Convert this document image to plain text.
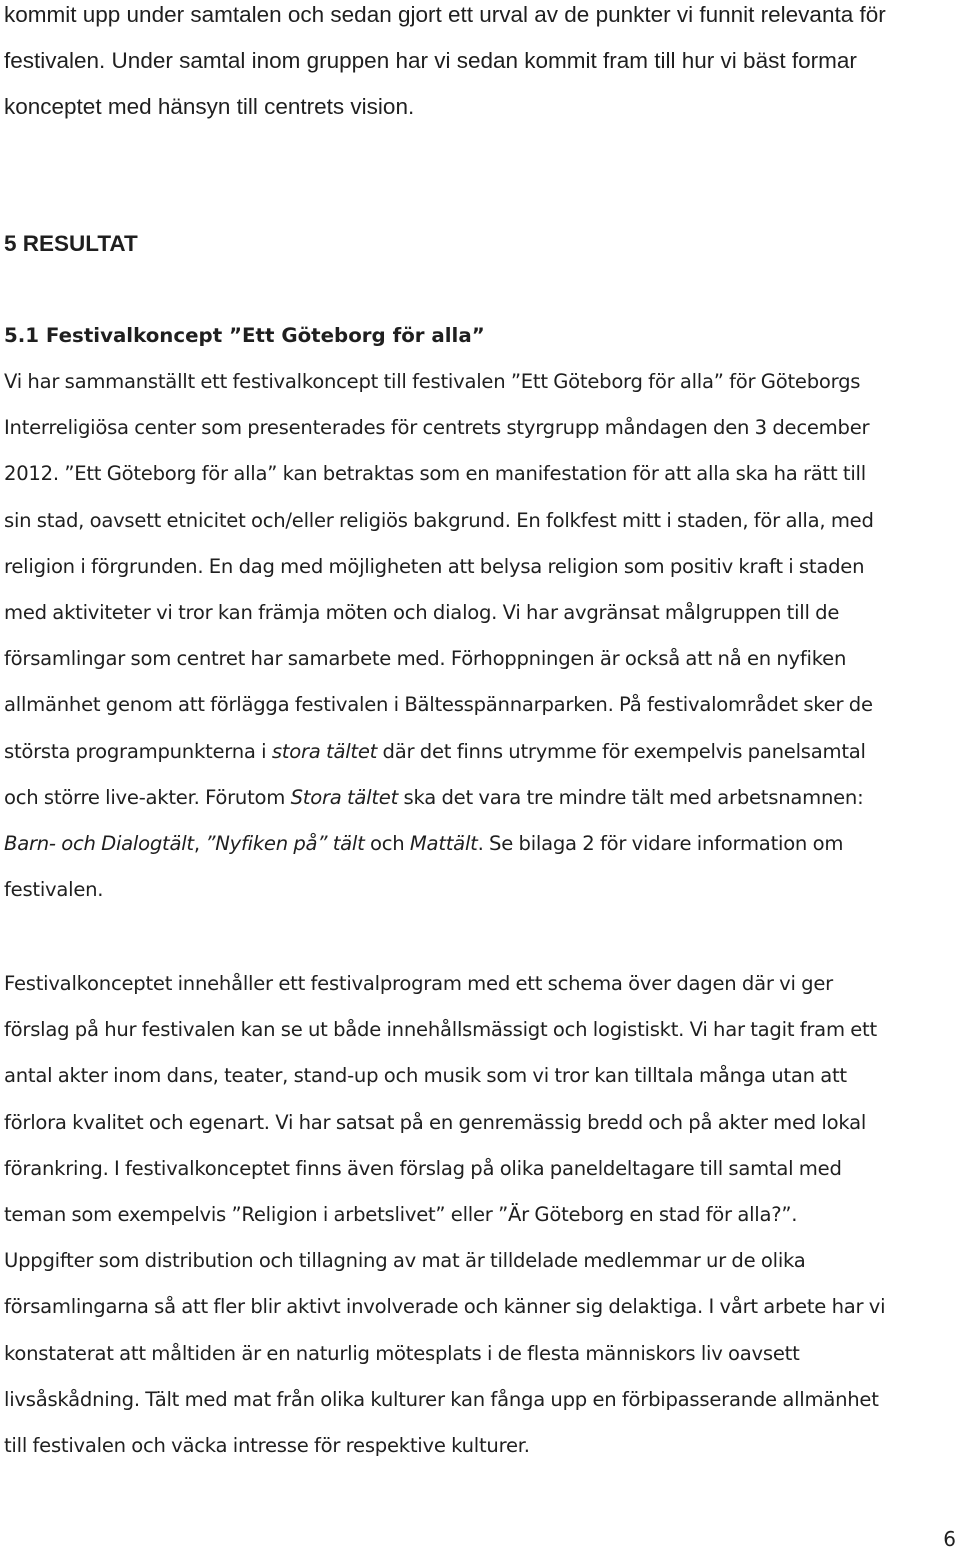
kommit upp under samtalen och sedan gjort ett urval av de punkter vi funnit relevanta för
festivalen. Under samtal inom gruppen har vi sedan kommit fram till hur vi bäst formar
konceptet med hänsyn till centrets vision.

5 RESULTAT
5.1 Festivalkoncept ”Ett Göteborg för alla”

Vi har sammanställt ett festivalkoncept till festivalen ”Ett Göteborg för alla” för Göteborgs
Interreligiösa center som presenterades för centrets styrgrupp måndagen den 3 december
2012. ”Ett Göteborg för alla” kan betraktas som en manifestation för att alla ska ha rätt till
sin stad, oavsett etnicitet och/eller religiös bakgrund. En folkfest mitt i staden, för alla, med
religion i förgrunden. En dag med möjligheten att belysa religion som positiv kraft i staden
med aktiviteter vi tror kan främja möten och dialog. Vi har avgränsat målgruppen till de
församlingar som centret har samarbete med. Förhoppningen är också att nå en nyfiken
allmänhet genom att förlägga festivalen i Bältesspännarparken. På festivalområdet sker de
största programpunkterna i stora tältet där det finns utrymme för exempelvis panelsamtal
och större live-akter. Förutom Stora tältet ska det vara tre mindre tält med arbetsnamnen:
Barn- och Dialogtält, ”Nyfiken på” tält och Mattält. Se bilaga 2 för vidare information om
festivalen.

Festivalkonceptet innehåller ett festivalprogram med ett schema över dagen där vi ger
förslag på hur festivalen kan se ut både innehållsmässigt och logistiskt. Vi har tagit fram ett
antal akter inom dans, teater, stand-up och musik som vi tror kan tilltala många utan att
förlora kvalitet och egenart. Vi har satsat på en genremässig bredd och på akter med lokal
förankring. I festivalkonceptet finns även förslag på olika paneldeltagare till samtal med
teman som exempelvis ”Religion i arbetslivet” eller ”Är Göteborg en stad för alla?”.
Uppgifter som distribution och tillagning av mat är tilldelade medlemmar ur de olika
församlingarna så att fler blir aktivt involverade och känner sig delaktiga. I vårt arbete har vi
konstaterat att måltiden är en naturlig mötesplats i de flesta människors liv oavsett
livsåskådning. Tält med mat från olika kulturer kan fånga upp en förbipasserande allmänhet
till festivalen och väcka intresse för respektive kulturer.

6
